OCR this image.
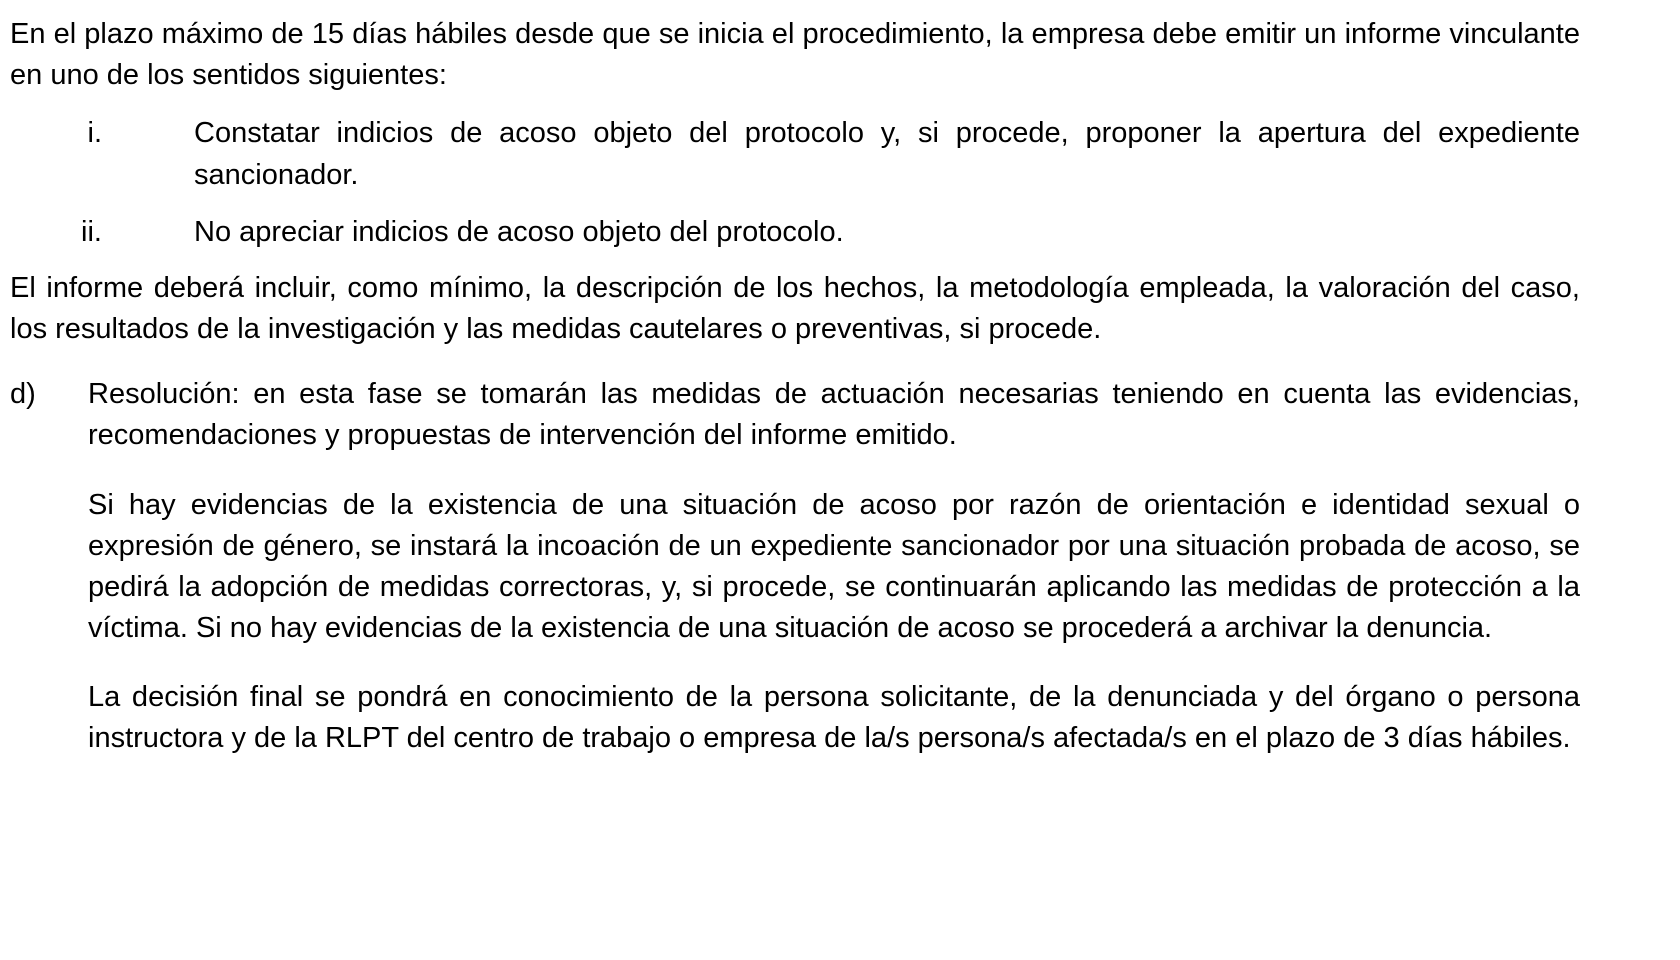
En el plazo máximo de 15 días hábiles desde que se inicia el procedimiento, la empresa debe emitir un informe vinculante en uno de los sentidos siguientes:

i.	Constatar indicios de acoso objeto del protocolo y, si procede, proponer la apertura del expediente sancionador.
ii.	No apreciar indicios de acoso objeto del protocolo.

El informe deberá incluir, como mínimo, la descripción de los hechos, la metodología empleada, la valoración del caso, los resultados de la investigación y las medidas cautelares o preventivas, si procede.

d)	Resolución: en esta fase se tomarán las medidas de actuación necesarias teniendo en cuenta las evidencias, recomendaciones y propuestas de intervención del informe emitido.

Si hay evidencias de la existencia de una situación de acoso por razón de orientación e identidad sexual o expresión de género, se instará la incoación de un expediente sancionador por una situación probada de acoso, se pedirá la adopción de medidas correctoras, y, si procede, se continuarán aplicando las medidas de protección a la víctima. Si no hay evidencias de la existencia de una situación de acoso se procederá a archivar la denuncia.

La decisión final se pondrá en conocimiento de la persona solicitante, de la denunciada y del órgano o persona instructora y de la RLPT del centro de trabajo o empresa de la/s persona/s afectada/s en el plazo de 3 días hábiles.
